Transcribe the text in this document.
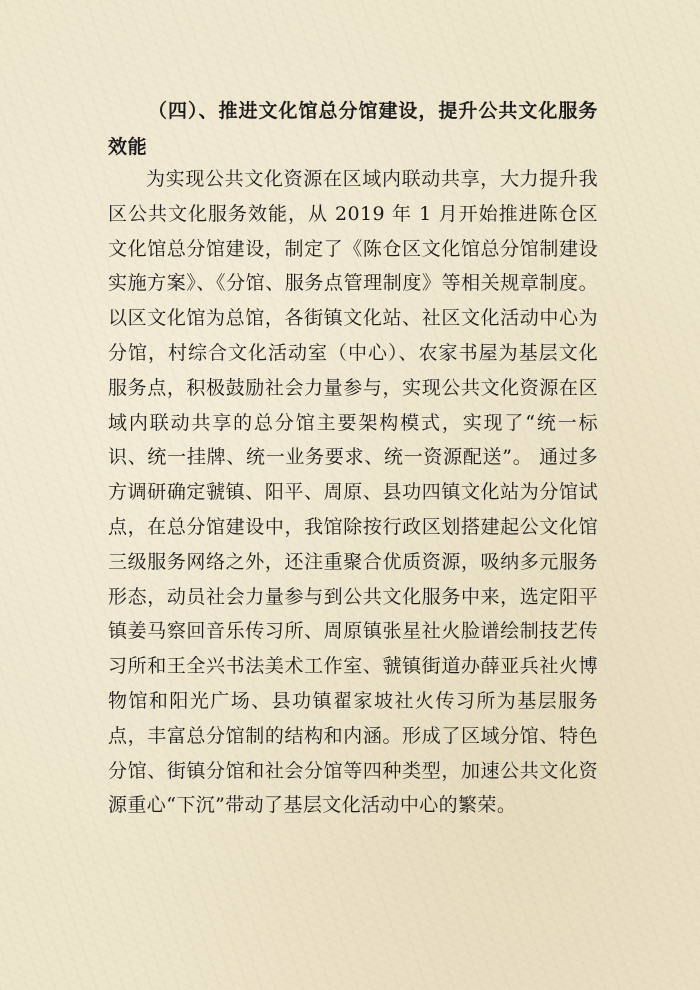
（四）、推进文化馆总分馆建设，提升公共文化服务效能

为实现公共文化资源在区域内联动共享，大力提升我区公共文化服务效能，从 2019 年 1 月开始推进陈仓区文化馆总分馆建设，制定了《陈仓区文化馆总分馆制建设实施方案》、《分馆、服务点管理制度》等相关规章制度。以区文化馆为总馆，各街镇文化站、社区文化活动中心为分馆，村综合文化活动室（中心）、农家书屋为基层文化服务点，积极鼓励社会力量参与，实现公共文化资源在区域内联动共享的总分馆主要架构模式，实现了“统一标识、统一挂牌、统一业务要求、统一资源配送”。 通过多方调研确定虢镇、阳平、周原、县功四镇文化站为分馆试点，在总分馆建设中，我馆除按行政区划搭建起公文化馆三级服务网络之外，还注重聚合优质资源，吸纳多元服务形态，动员社会力量参与到公共文化服务中来，选定阳平镇姜马察回音乐传习所、周原镇张星社火脸谱绘制技艺传习所和王全兴书法美术工作室、虢镇街道办薛亚兵社火博物馆和阳光广场、县功镇翟家坡社火传习所为基层服务点，丰富总分馆制的结构和内涵。形成了区域分馆、特色分馆、街镇分馆和社会分馆等四种类型，加速公共文化资源重心“下沉”带动了基层文化活动中心的繁荣。
